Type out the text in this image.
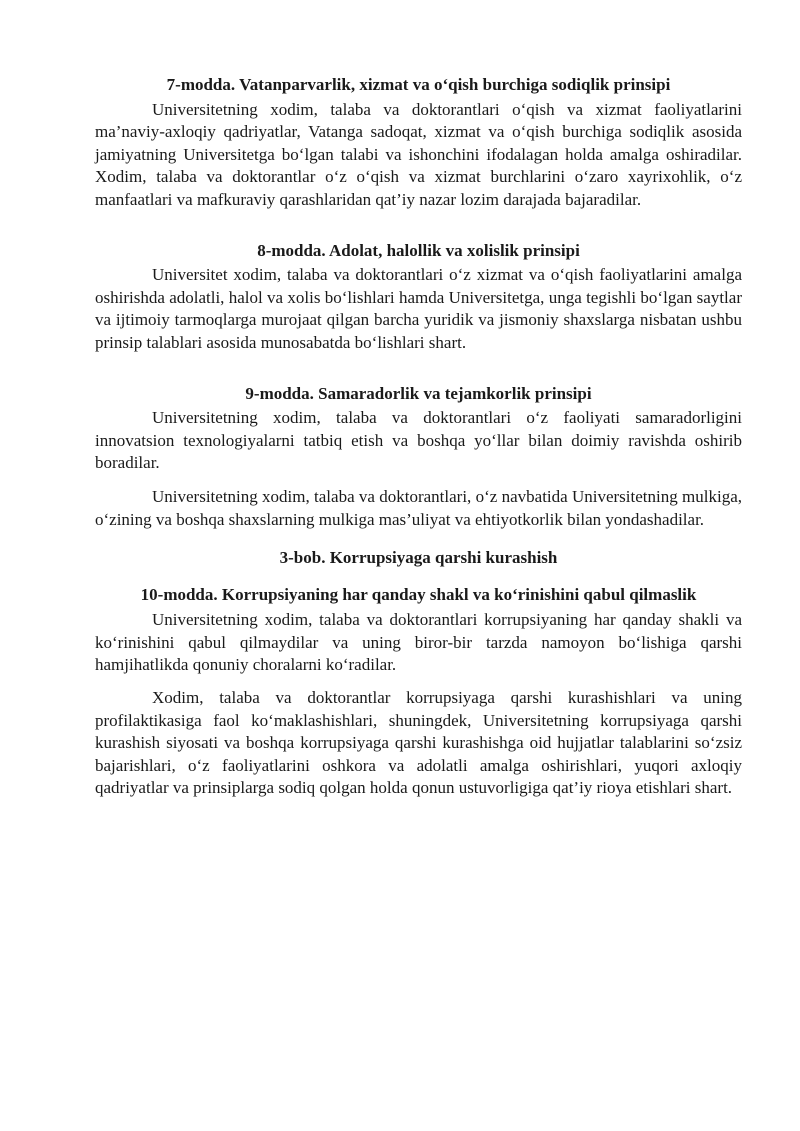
7-modda. Vatanparvarlik, xizmat va o‘qish burchiga sodiqlik prinsipi

Universitetning xodim, talaba va doktorantlari o‘qish va xizmat faoliyatlarini ma’naviy-axloqiy qadriyatlar, Vatanga sadoqat, xizmat va o‘qish burchiga sodiqlik asosida jamiyatning Universitetga bo‘lgan talabi va ishonchini ifodalagan holda amalga oshiradilar. Xodim, talaba va doktorantlar o‘z o‘qish va xizmat burchlarini o‘zaro xayrixohlik, o‘z manfaatlari va mafkuraviy qarashlaridan qat’iy nazar lozim darajada bajaradilar.

8-modda. Adolat, halollik va xolislik prinsipi

Universitet xodim, talaba va doktorantlari o‘z xizmat va o‘qish faoliyatlarini amalga oshirishda adolatli, halol va xolis bo‘lishlari hamda Universitetga, unga tegishli bo‘lgan saytlar va ijtimoiy tarmoqlarga murojaat qilgan barcha yuridik va jismoniy shaxslarga nisbatan ushbu prinsip talablari asosida munosabatda bo‘lishlari shart.

9-modda. Samaradorlik va tejamkorlik prinsipi

Universitetning xodim, talaba va doktorantlari o‘z faoliyati samaradorligini innovatsion texnologiyalarni tatbiq etish va boshqa yo‘llar bilan doimiy ravishda oshirib boradilar.

Universitetning xodim, talaba va doktorantlari, o‘z navbatida Universitetning mulkiga, o‘zining va boshqa shaxslarning mulkiga mas’uliyat va ehtiyotkorlik bilan yondashadilar.

3-bob. Korrupsiyaga qarshi kurashish

10-modda. Korrupsiyaning har qanday shakl va ko‘rinishini qabul qilmaslik

Universitetning xodim, talaba va doktorantlari korrupsiyaning har qanday shakli va ko‘rinishini qabul qilmaydilar va uning biror-bir tarzda namoyon bo‘lishiga qarshi hamjihatlikda qonuniy choralarni ko‘radilar.

Xodim, talaba va doktorantlar korrupsiyaga qarshi kurashishlari va uning profilaktikasiga faol ko‘maklashishlari, shuningdek, Universitetning korrupsiyaga qarshi kurashish siyosati va boshqa korrupsiyaga qarshi kurashishga oid hujjatlar talablarini so‘zsiz bajarishlari, o‘z faoliyatlarini oshkora va adolatli amalga oshirishlari, yuqori axloqiy qadriyatlar va prinsiplarga sodiq qolgan holda qonun ustuvorligiga qat’iy rioya etishlari shart.
